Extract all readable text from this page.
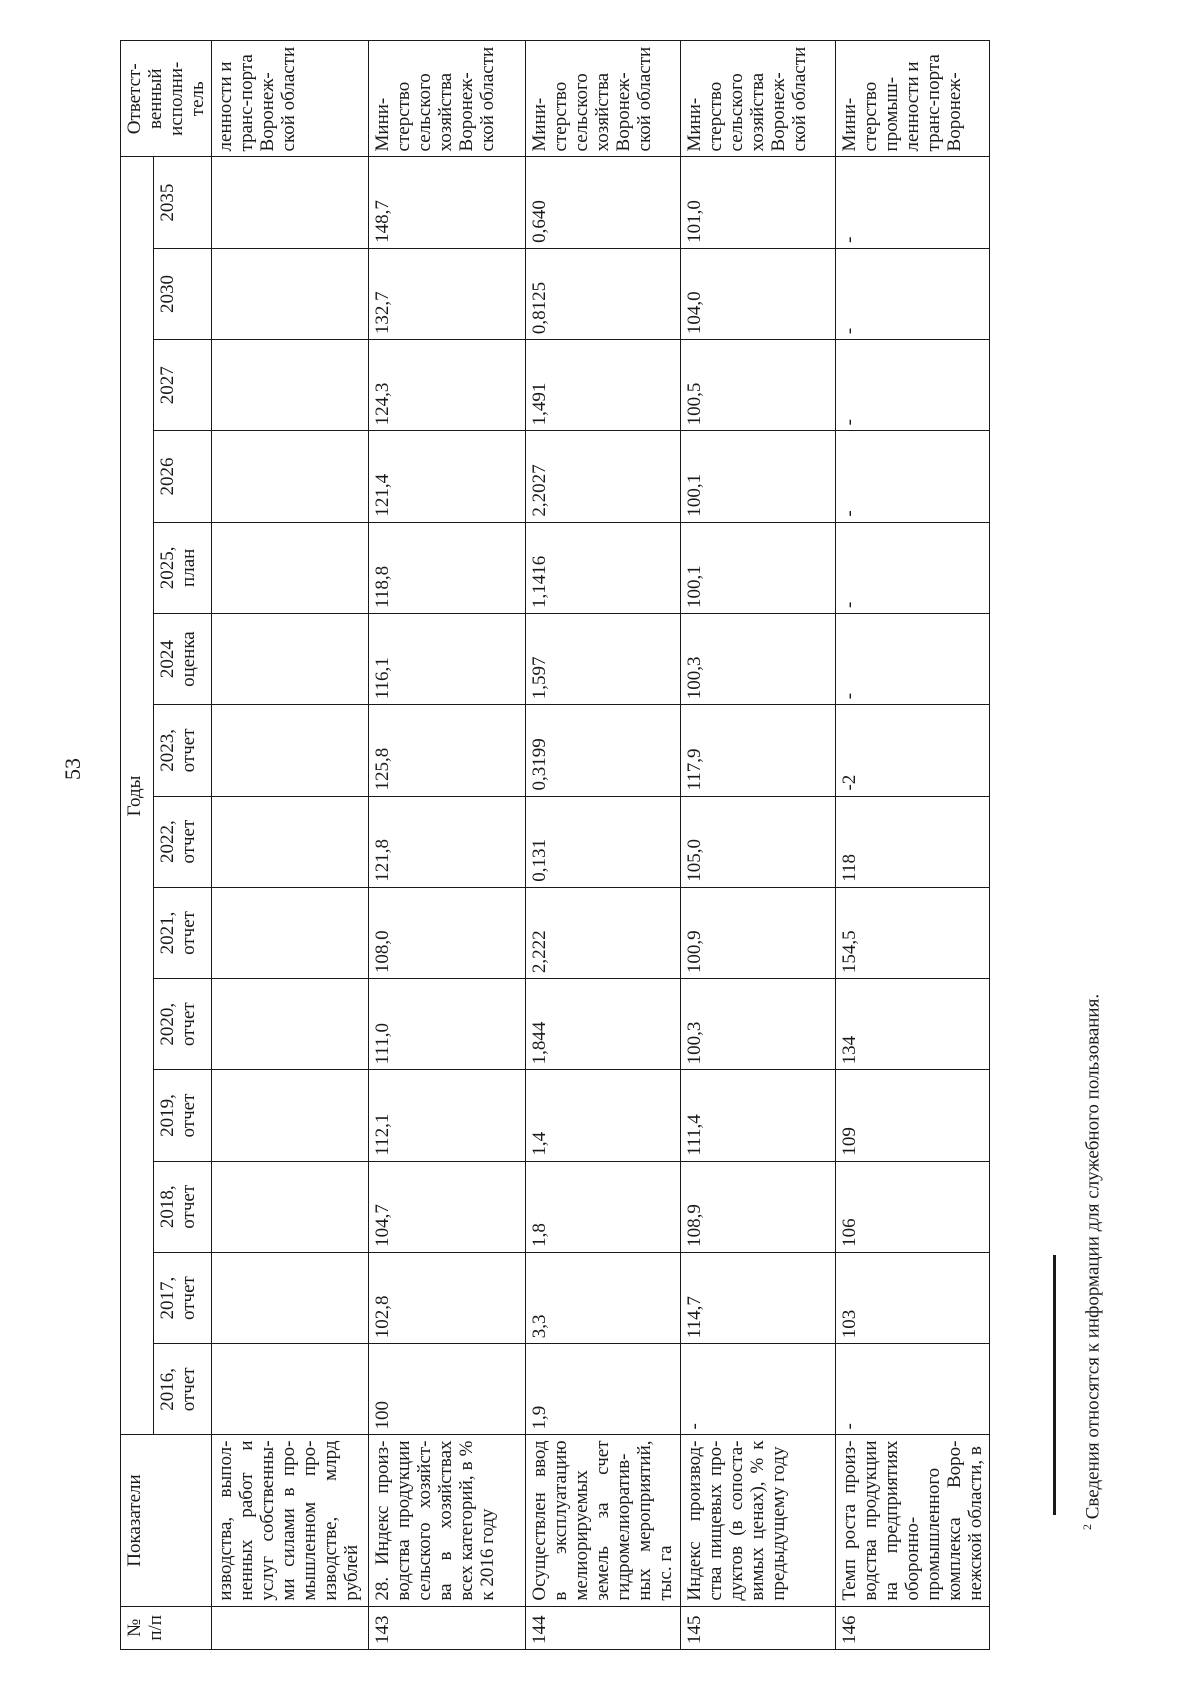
53
№ п/п	Показатели	Годы														Ответст-венный исполни-тель
		2016, отчет	2017, отчет	2018, отчет	2019, отчет	2020, отчет	2021, отчет	2022, отчет	2023, отчет	2024 оценка	2025, план	2026	2027	2030	2035	
	изводства, выпол-ненных работ и услуг собственны-ми силами в про-мышленном про-изводстве, млрд рублей															ленности и транс-порта Воронеж-ской области
143	28. Индекс произ-водства продукции сельского хозяйст-ва в хозяйствах всех категорий, в % к 2016 году	100	102,8	104,7	112,1	111,0	108,0	121,8	125,8	116,1	118,8	121,4	124,3	132,7	148,7	Мини-стерство сельского хозяйства Воронеж-ской области
144	Осуществлен ввод в эксплуатацию мелиорируемых земель за счет гидромелиоратив-ных мероприятий, тыс. га	1,9	3,3	1,8	1,4	1,844	2,222	0,131	0,3199	1,597	1,1416	2,2027	1,491	0,8125	0,640	Мини-стерство сельского хозяйства Воронеж-ской области
145	Индекс производ-ства пищевых про-дуктов (в сопоста-вимых ценах), % к предыдущему году	-	114,7	108,9	111,4	100,3	100,9	105,0	117,9	100,3	100,1	100,1	100,5	104,0	101,0	Мини-стерство сельского хозяйства Воронеж-ской области
146	Темп роста произ-водства продукции на предприятиях оборонно-промышленного комплекса Воро-нежской области, в	-	103	106	109	134	154,5	118	-2	-	-	-	-	-	-	Мини-стерство промыш-ленности и транс-порта Воронеж-
$^2$ Сведения относятся к информации для служебного пользования.
